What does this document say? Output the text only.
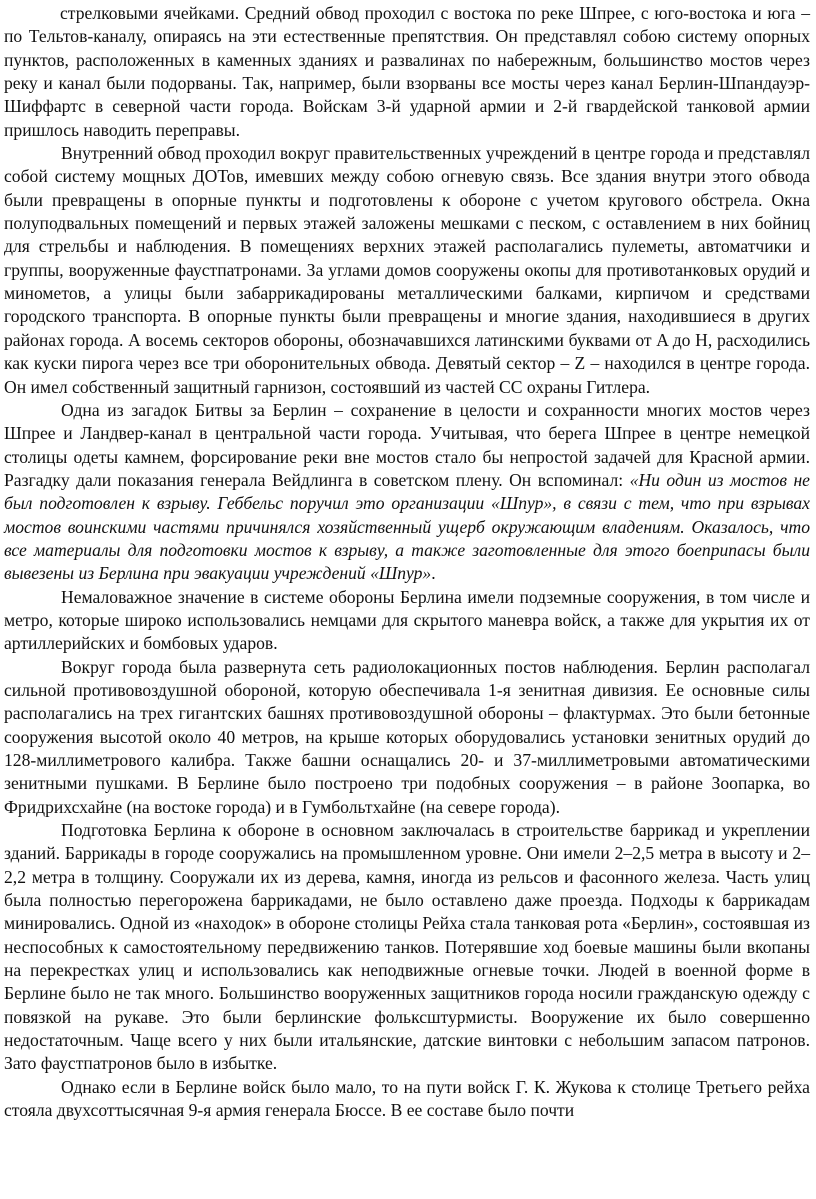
стрелковыми ячейками. Средний обвод проходил с востока по реке Шпрее, с юго-востока и юга – по Тельтов-каналу, опираясь на эти естественные препятствия. Он представлял собою систему опорных пунктов, расположенных в каменных зданиях и развалинах по набережным, большинство мостов через реку и канал были подорваны. Так, например, были взорваны все мосты через канал Берлин-Шпандауэр-Шиффартс в северной части города. Войскам 3-й ударной армии и 2-й гвардейской танковой армии пришлось наводить переправы.

Внутренний обвод проходил вокруг правительственных учреждений в центре города и представлял собой систему мощных ДОТов, имевших между собою огневую связь. Все здания внутри этого обвода были превращены в опорные пункты и подготовлены к обороне с учетом кругового обстрела. Окна полуподвальных помещений и первых этажей заложены мешками с песком, с оставлением в них бойниц для стрельбы и наблюдения. В помещениях верхних этажей располагались пулеметы, автоматчики и группы, вооруженные фаустпатронами. За углами домов сооружены окопы для противотанковых орудий и минометов, а улицы были забаррикадированы металлическими балками, кирпичом и средствами городского транспорта. В опорные пункты были превращены и многие здания, находившиеся в других районах города. А восемь секторов обороны, обозначавшихся латинскими буквами от A до H, расходились как куски пирога через все три оборонительных обвода. Девятый сектор – Z – находился в центре города. Он имел собственный защитный гарнизон, состоявший из частей СС охраны Гитлера.

Одна из загадок Битвы за Берлин – сохранение в целости и сохранности многих мостов через Шпрее и Ландвер-канал в центральной части города. Учитывая, что берега Шпрее в центре немецкой столицы одеты камнем, форсирование реки вне мостов стало бы непростой задачей для Красной армии. Разгадку дали показания генерала Вейдлинга в советском плену. Он вспоминал: «Ни один из мостов не был подготовлен к взрыву. Геббельс поручил это организации «Шпур», в связи с тем, что при взрывах мостов воинскими частями причинялся хозяйственный ущерб окружающим владениям. Оказалось, что все материалы для подготовки мостов к взрыву, а также заготовленные для этого боеприпасы были вывезены из Берлина при эвакуации учреждений «Шпур».

Немаловажное значение в системе обороны Берлина имели подземные сооружения, в том числе и метро, которые широко использовались немцами для скрытого маневра войск, а также для укрытия их от артиллерийских и бомбовых ударов.

Вокруг города была развернута сеть радиолокационных постов наблюдения. Берлин располагал сильной противовоздушной обороной, которую обеспечивала 1-я зенитная дивизия. Ее основные силы располагались на трех гигантских башнях противовоздушной обороны – флактурмах. Это были бетонные сооружения высотой около 40 метров, на крыше которых оборудовались установки зенитных орудий до 128-миллиметрового калибра. Также башни оснащались 20- и 37-миллиметровыми автоматическими зенитными пушками. В Берлине было построено три подобных сооружения – в районе Зоопарка, во Фридрихсхайне (на востоке города) и в Гумбольтхайне (на севере города).

Подготовка Берлина к обороне в основном заключалась в строительстве баррикад и укреплении зданий. Баррикады в городе сооружались на промышленном уровне. Они имели 2–2,5 метра в высоту и 2–2,2 метра в толщину. Сооружали их из дерева, камня, иногда из рельсов и фасонного железа. Часть улиц была полностью перегорожена баррикадами, не было оставлено даже проезда. Подходы к баррикадам минировались. Одной из «находок» в обороне столицы Рейха стала танковая рота «Берлин», состоявшая из неспособных к самостоятельному передвижению танков. Потерявшие ход боевые машины были вкопаны на перекрестках улиц и использовались как неподвижные огневые точки. Людей в военной форме в Берлине было не так много. Большинство вооруженных защитников города носили гражданскую одежду с повязкой на рукаве. Это были берлинские фольксштурмисты. Вооружение их было совершенно недостаточным. Чаще всего у них были итальянские, датские винтовки с небольшим запасом патронов. Зато фаустпатронов было в избытке.

Однако если в Берлине войск было мало, то на пути войск Г. К. Жукова к столице Третьего рейха стояла двухсоттысячная 9-я армия генерала Бюссе. В ее составе было почти
